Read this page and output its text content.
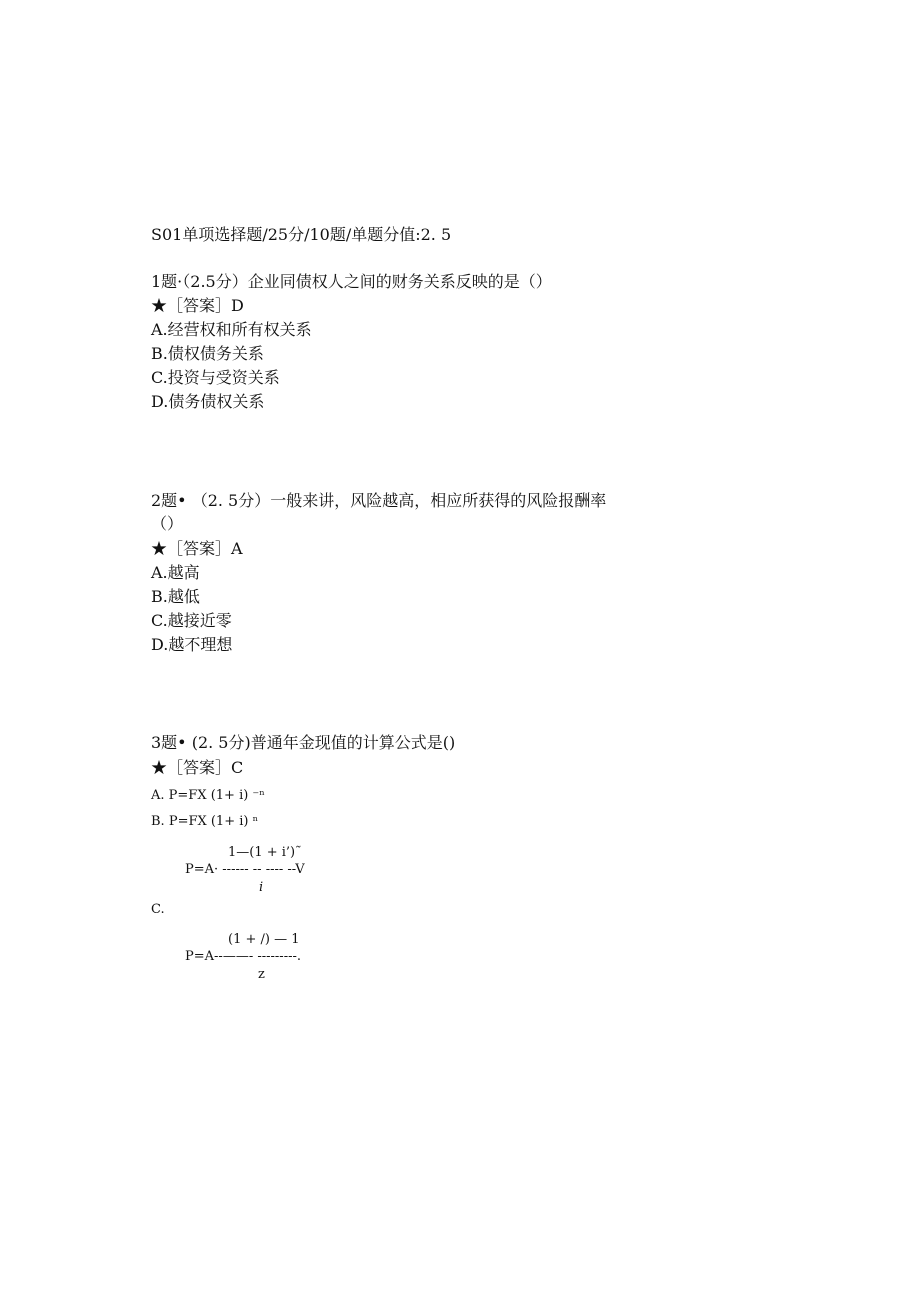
S01单项选择题/25分/10题/单题分值:2. 5
1题·（2.5分）企业同债权人之间的财务关系反映的是（）
★［答案］D
A.经营权和所有权关系
B.债权债务关系
C.投资与受资关系
D.债务债权关系
2题• （2. 5分）一般来讲，风险越高，相应所获得的风险报酬率
（）
★［答案］A
A.越高
B.越低
C.越接近零
D.越不理想
3题• (2. 5分)普通年金现值的计算公式是()
★［答案］C
A. P=FX (1+ i) ⁻ⁿ
B. P=FX (1+ i) ⁿ
1—(1 + i’)˜
P=A· ------ -- ---- --V
i
C.
(1 + /) — 1
P=A--——- ---------.
z
